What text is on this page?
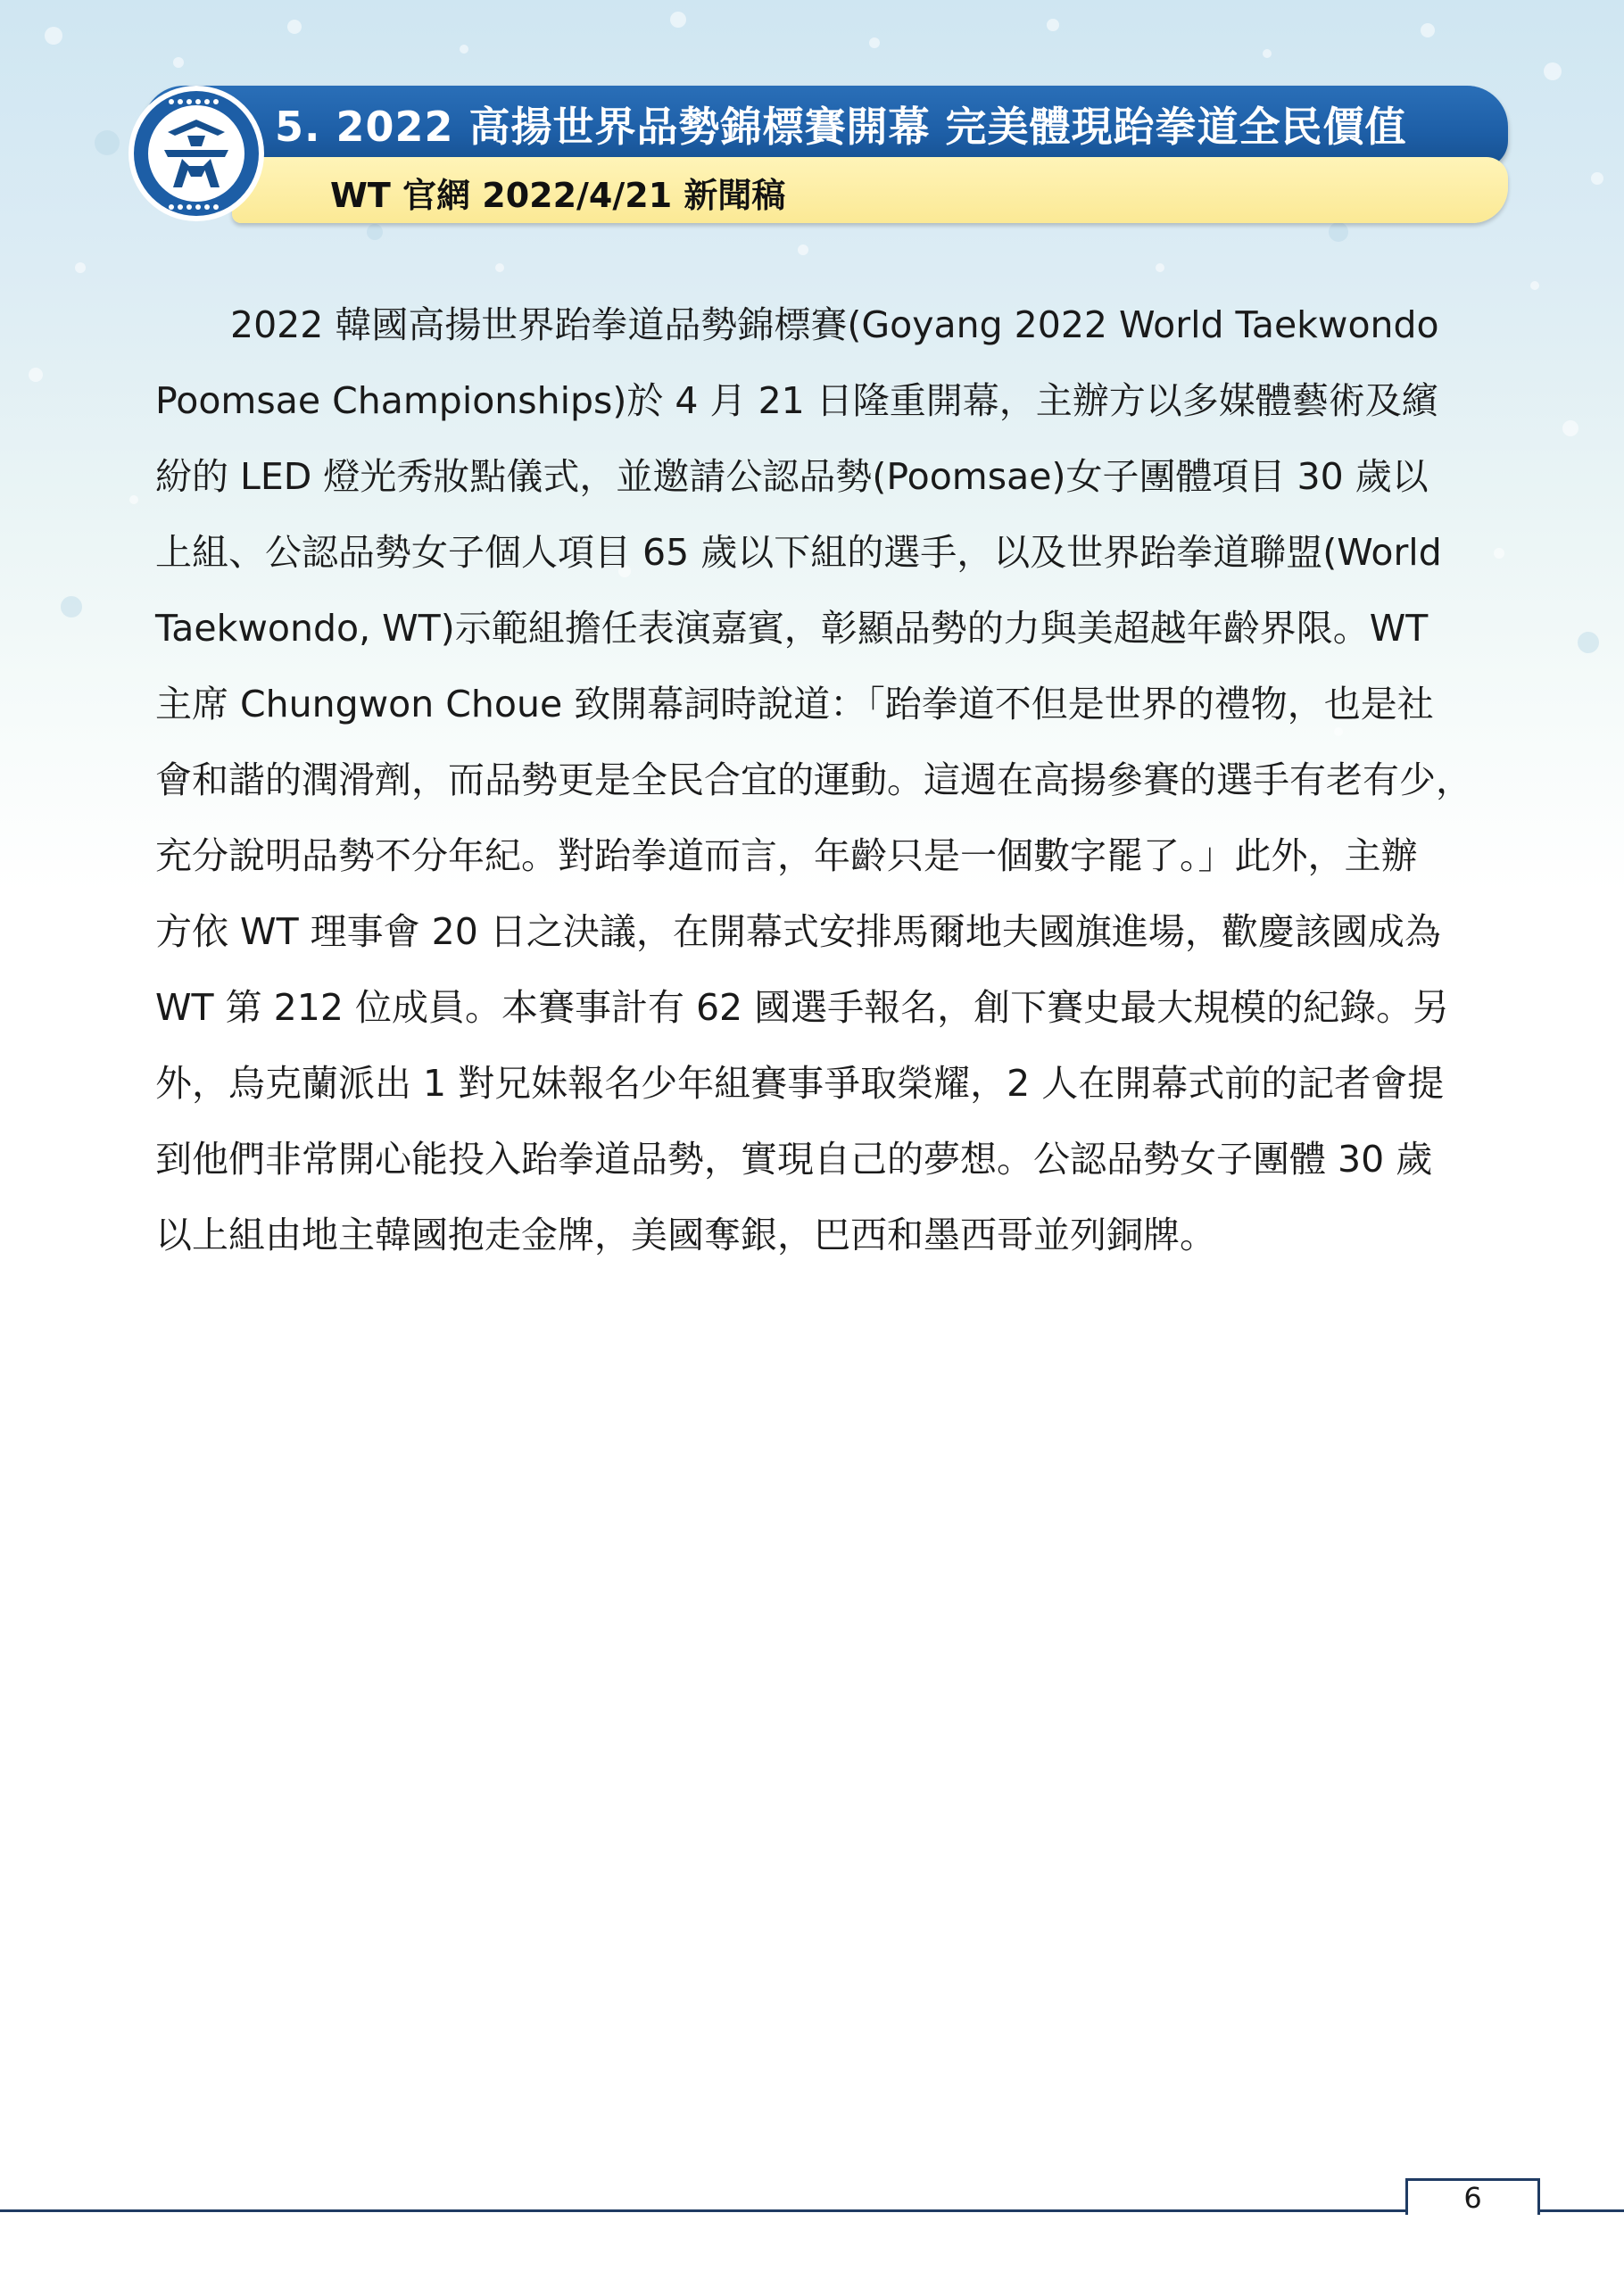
5. 2022 高揚世界品勢錦標賽開幕 完美體現跆拳道全民價值
WT 官網 2022/4/21 新聞稿
2022 韓國高揚世界跆拳道品勢錦標賽(Goyang 2022 World Taekwondo
Poomsae Championships)於 4 月 21 日隆重開幕，主辦方以多媒體藝術及繽
紛的 LED 燈光秀妝點儀式，並邀請公認品勢(Poomsae)女子團體項目 30 歲以
上組、公認品勢女子個人項目 65 歲以下組的選手，以及世界跆拳道聯盟(World
Taekwondo, WT)示範組擔任表演嘉賓，彰顯品勢的力與美超越年齡界限。WT
主席 Chungwon Choue 致開幕詞時說道：「跆拳道不但是世界的禮物，也是社
會和諧的潤滑劑，而品勢更是全民合宜的運動。這週在高揚參賽的選手有老有少，
充分說明品勢不分年紀。對跆拳道而言，年齡只是一個數字罷了。」此外，主辦
方依 WT 理事會 20 日之決議，在開幕式安排馬爾地夫國旗進場，歡慶該國成為
WT 第 212 位成員。本賽事計有 62 國選手報名，創下賽史最大規模的紀錄。另
外，烏克蘭派出 1 對兄妹報名少年組賽事爭取榮耀，2 人在開幕式前的記者會提
到他們非常開心能投入跆拳道品勢，實現自己的夢想。公認品勢女子團體 30 歲
以上組由地主韓國抱走金牌，美國奪銀，巴西和墨西哥並列銅牌。
6
